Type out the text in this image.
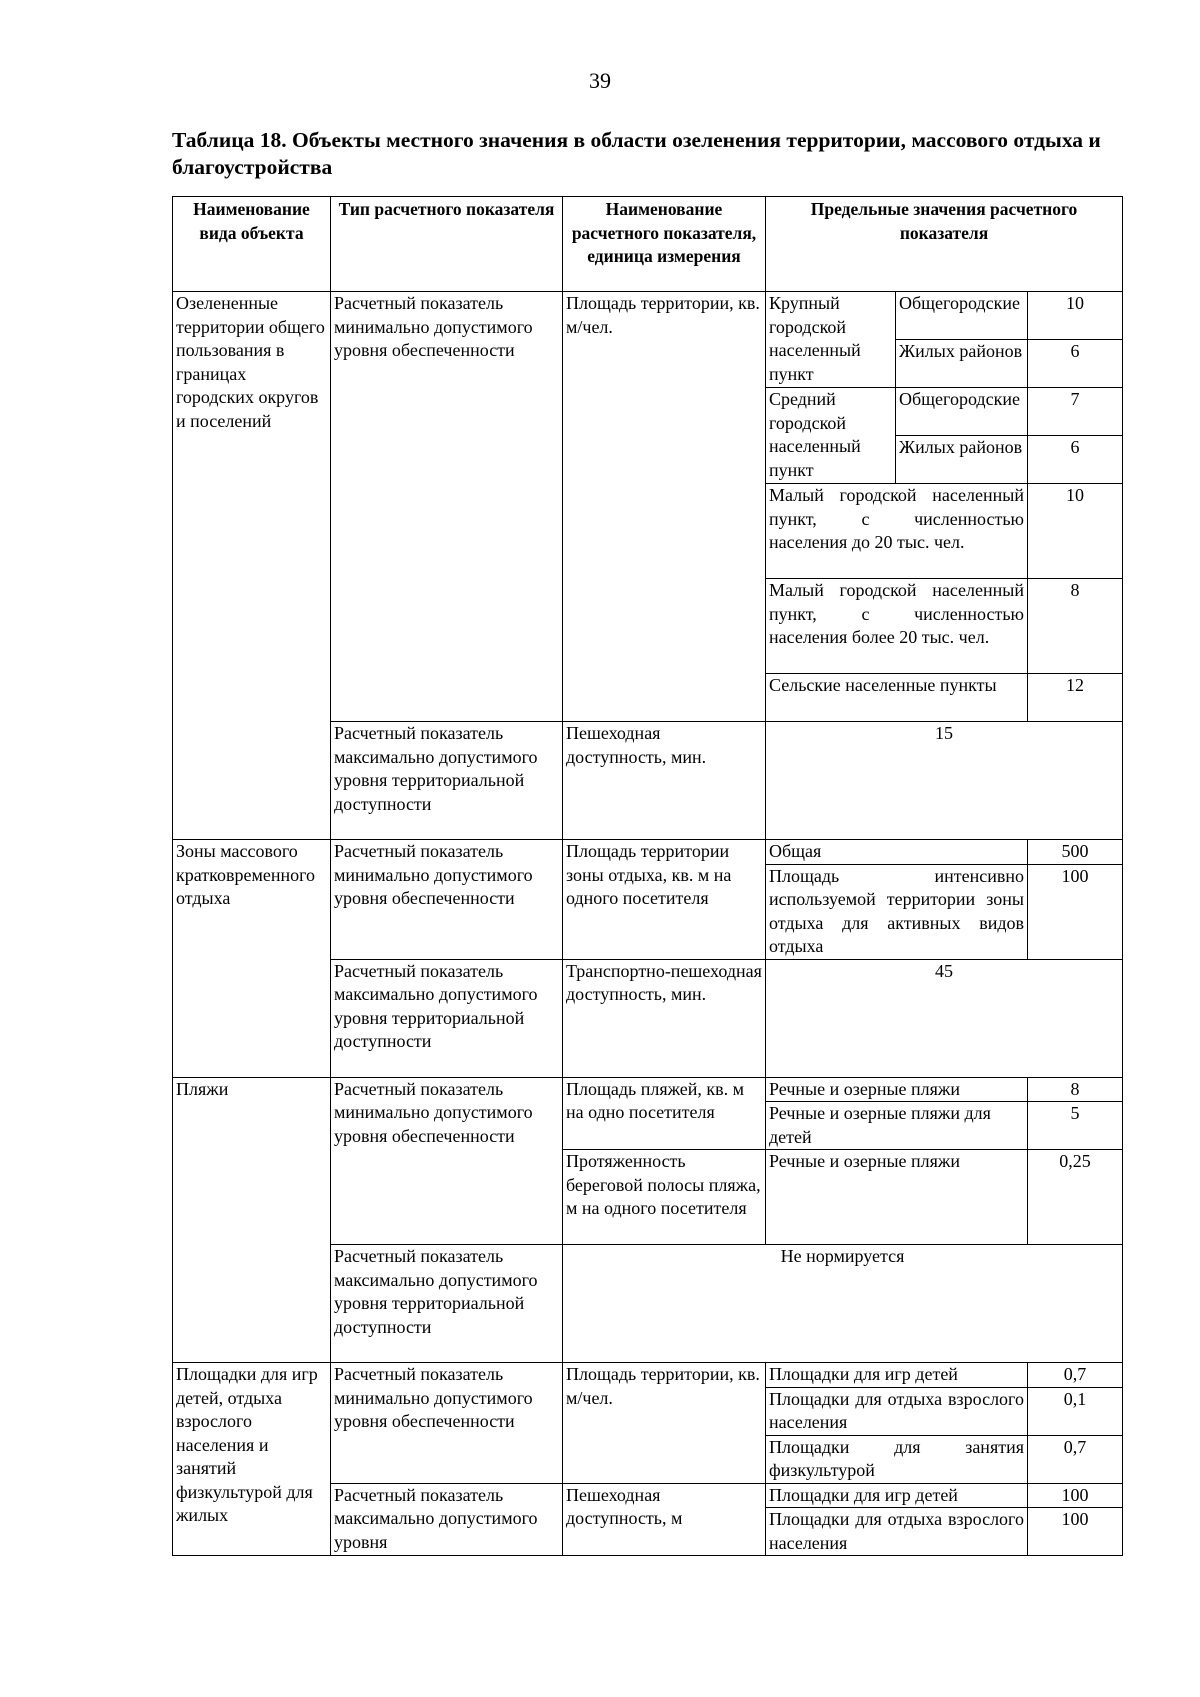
39
Таблица 18. Объекты местного значения в области озеленения территории, массового отдыха и благоустройства
Наименование вида объекта	Тип расчетного показателя	Наименование расчетного показателя, единица измерения	Предельные значения расчетного показателя		
Озелененные территории общего пользования в границах городских округов и поселений	Расчетный показатель минимально допустимого уровня обеспеченности	Площадь территории, кв. м/чел.	Крупный городской населенный пункт	Общегородские	10
				Жилых районов	6
			Средний городской населенный пункт	Общегородские	7
				Жилых районов	6
			Малый городской населенный пункт, с численностью населения до 20 тыс. чел.		10
			Малый городской населенный пункт, с численностью населения более 20 тыс. чел.		8
			Сельские населенные пункты		12
	Расчетный показатель максимально допустимого уровня территориальной доступности	Пешеходная доступность, мин.	15		
Зоны массового кратковременного отдыха	Расчетный показатель минимально допустимого уровня обеспеченности	Площадь территории зоны отдыха, кв. м на одного посетителя	Общая		500
			Площадь интенсивно используемой территории зоны отдыха для активных видов отдыха		100
	Расчетный показатель максимально допустимого уровня территориальной доступности	Транспортно-пешеходная доступность, мин.	45		
Пляжи	Расчетный показатель минимально допустимого уровня обеспеченности	Площадь пляжей, кв. м на одно посетителя	Речные и озерные пляжи		8
			Речные и озерные пляжи для детей		5
		Протяженность береговой полосы пляжа, м на одного посетителя	Речные и озерные пляжи		0,25
	Расчетный показатель максимально допустимого уровня территориальной доступности	Не нормируется			
Площадки для игр детей, отдыха взрослого населения и занятий физкультурой для жилых	Расчетный показатель минимально допустимого уровня обеспеченности	Площадь территории, кв. м/чел.	Площадки для игр детей		0,7
			Площадки для отдыха взрослого населения		0,1
			Площадки для занятия физкультурой		0,7
	Расчетный показатель максимально допустимого уровня	Пешеходная доступность, м	Площадки для игр детей		100
			Площадки для отдыха взрослого населения		100
